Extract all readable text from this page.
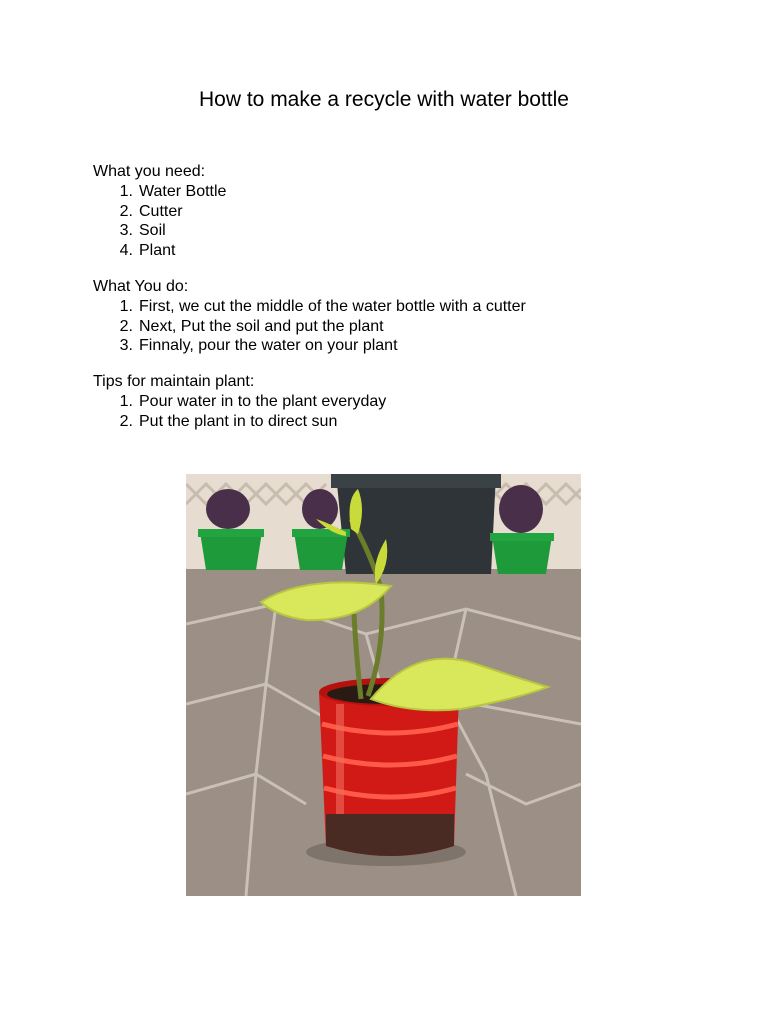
How to make a recycle with water bottle

What you need:

1. Water Bottle
2. Cutter
3. Soil
4. Plant

What You do:

1. First, we cut the middle of the water bottle with a cutter
2. Next, Put the soil and put the plant
3. Finnaly, pour the water on your plant

Tips for maintain plant:

1. Pour water in to the plant everyday
2. Put the plant in to direct sun
